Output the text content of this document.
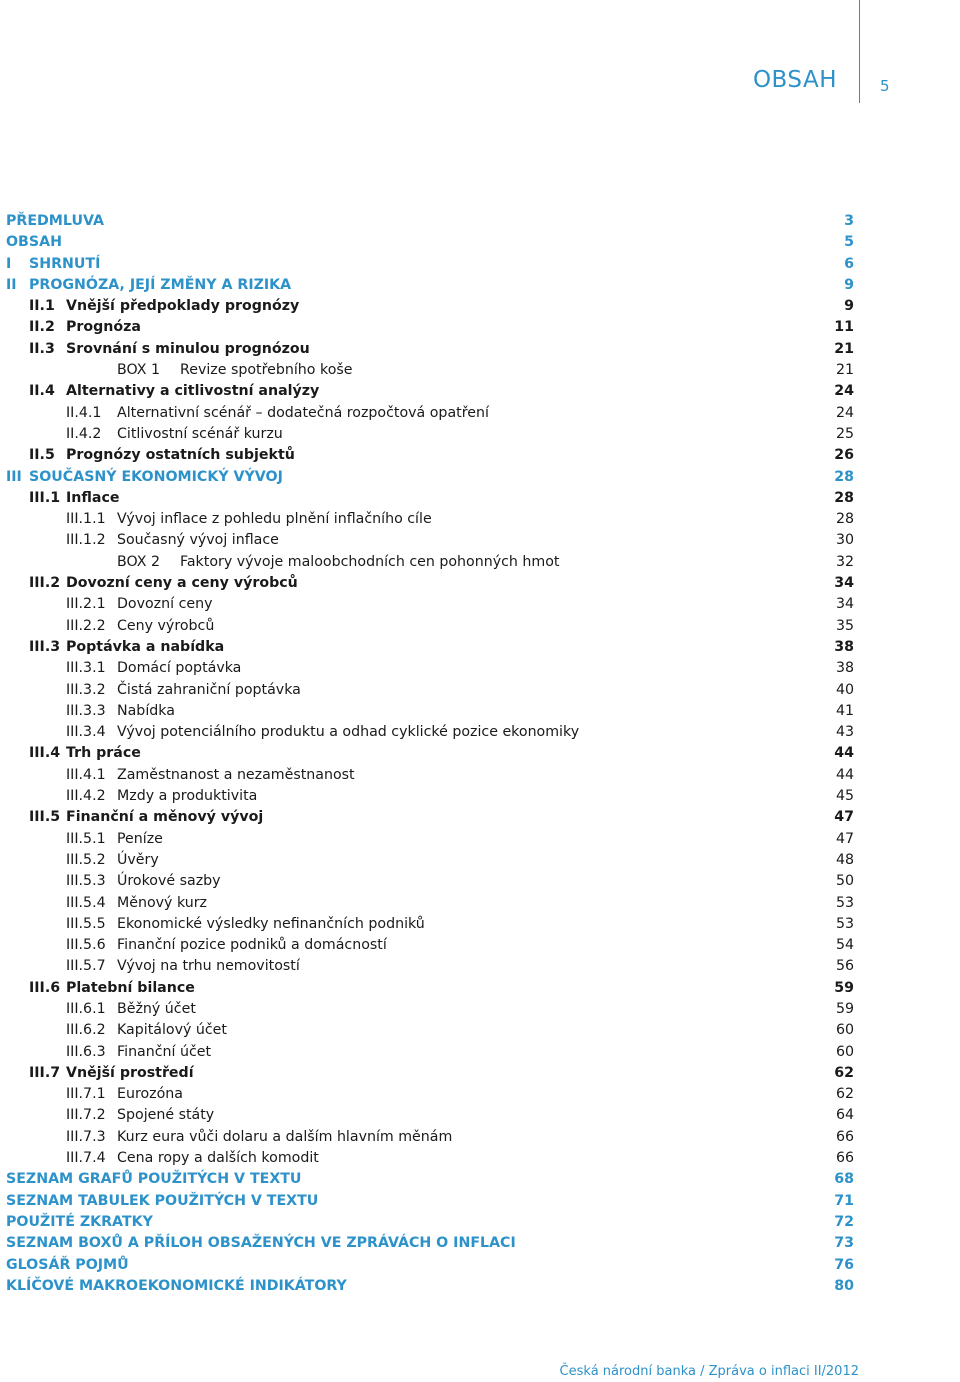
OBSAH	5
PŘEDMLUVA	3
OBSAH	5
I SHRNUTÍ	6
II PROGNÓZA, JEJÍ ZMĚNY A RIZIKA	9
II.1 Vnější předpoklady prognózy	9
II.2 Prognóza	11
II.3 Srovnání s minulou prognózou	21
BOX 1 Revize spotřebního koše	21
II.4 Alternativy a citlivostní analýzy	24
II.4.1 Alternativní scénář – dodatečná rozpočtová opatření	24
II.4.2 Citlivostní scénář kurzu	25
II.5 Prognózy ostatních subjektů	26
III SOUČASNÝ EKONOMICKÝ VÝVOJ	28
III.1 Inflace	28
III.1.1 Vývoj inflace z pohledu plnění inflačního cíle	28
III.1.2 Současný vývoj inflace	30
BOX 2 Faktory vývoje maloobchodních cen pohonných hmot	32
III.2 Dovozní ceny a ceny výrobců	34
III.2.1 Dovozní ceny	34
III.2.2 Ceny výrobců	35
III.3 Poptávka a nabídka	38
III.3.1 Domácí poptávka	38
III.3.2 Čistá zahraniční poptávka	40
III.3.3 Nabídka	41
III.3.4 Vývoj potenciálního produktu a odhad cyklické pozice ekonomiky	43
III.4 Trh práce	44
III.4.1 Zaměstnanost a nezaměstnanost	44
III.4.2 Mzdy a produktivita	45
III.5 Finanční a měnový vývoj	47
III.5.1 Peníze	47
III.5.2 Úvěry	48
III.5.3 Úrokové sazby	50
III.5.4 Měnový kurz	53
III.5.5 Ekonomické výsledky nefinančních podniků	53
III.5.6 Finanční pozice podniků a domácností	54
III.5.7 Vývoj na trhu nemovitostí	56
III.6 Platební bilance	59
III.6.1 Běžný účet	59
III.6.2 Kapitálový účet	60
III.6.3 Finanční účet	60
III.7 Vnější prostředí	62
III.7.1 Eurozóna	62
III.7.2 Spojené státy	64
III.7.3 Kurz eura vůči dolaru a dalším hlavním měnám	66
III.7.4 Cena ropy a dalších komodit	66
SEZNAM GRAFŮ POUŽITÝCH V TEXTU	68
SEZNAM TABULEK POUŽITÝCH V TEXTU	71
POUŽITÉ ZKRATKY	72
SEZNAM BOXŮ A PŘÍLOH OBSAŽENÝCH VE ZPRÁVÁCH O INFLACI	73
GLOSÁŘ POJMŮ	76
KLÍČOVÉ MAKROEKONOMICKÉ INDIKÁTORY	80
Česká národní banka / Zpráva o inflaci II/2012
